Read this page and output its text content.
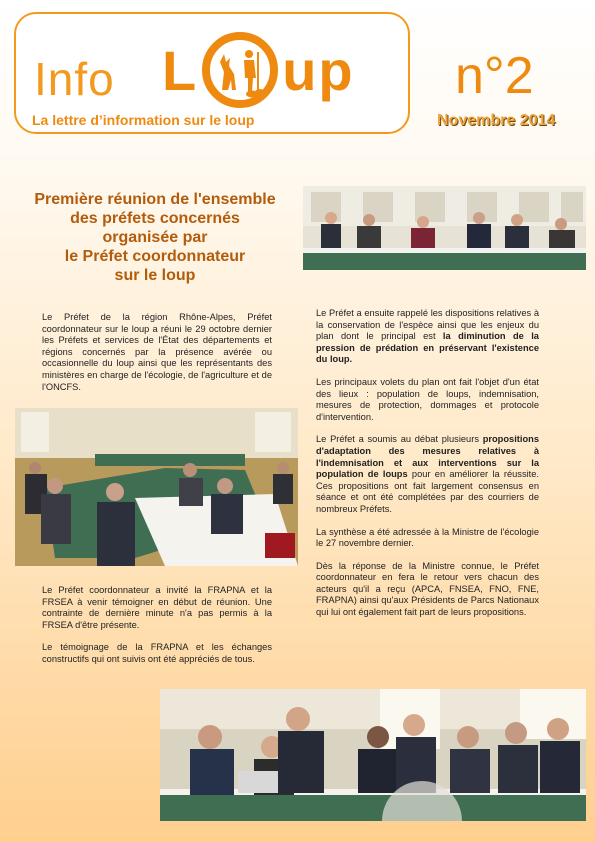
Info L up
La lettre d’information sur le loup
n°2
Novembre 2014
Première réunion de l'ensemble
des préfets concernés
organisée par
le Préfet coordonnateur
sur le loup

Le Préfet de la région Rhône-Alpes, Préfet coordonnateur sur le loup a réuni le 29 octobre dernier les Préfets et services de l'État des départements et régions concernés par la présence avérée ou occasionnelle du loup ainsi que les représentants des ministères en charge de l'écologie, de l'agriculture et de l'ONCFS.

Le Préfet coordonnateur a invité la FRAPNA et la FRSEA à venir témoigner en début de réunion. Une contrainte de dernière minute n'a pas permis à la FRSEA d'être présente.

Le témoignage de la FRAPNA et les échanges constructifs qui ont suivis ont été appréciés de tous.

Le Préfet a ensuite rappelé les dispositions relatives à la conservation de l'espèce ainsi que les enjeux du plan dont le principal est la diminution de la pression de prédation en préservant l'existence du loup.

Les principaux volets du plan ont fait l'objet d'un état des lieux : population de loups, indemnisation, mesures de protection, dommages et protocole d'intervention.

Le Préfet a soumis au débat plusieurs propositions d'adaptation des mesures relatives à l'indemnisation et aux interventions sur la population de loups pour en améliorer la réussite. Ces propositions ont fait largement consensus en séance et ont été complétées par des courriers de nombreux Préfets.

La synthèse a été adressée à la Ministre de l'écologie le 27 novembre dernier.

Dès la réponse de la Ministre connue, le Préfet coordonnateur en fera le retour vers chacun des acteurs qu'il a reçu (APCA, FNSEA, FNO, FNE, FRAPNA) ainsi qu'aux Présidents de Parcs Nationaux qui lui ont également fait part de leurs propositions.
